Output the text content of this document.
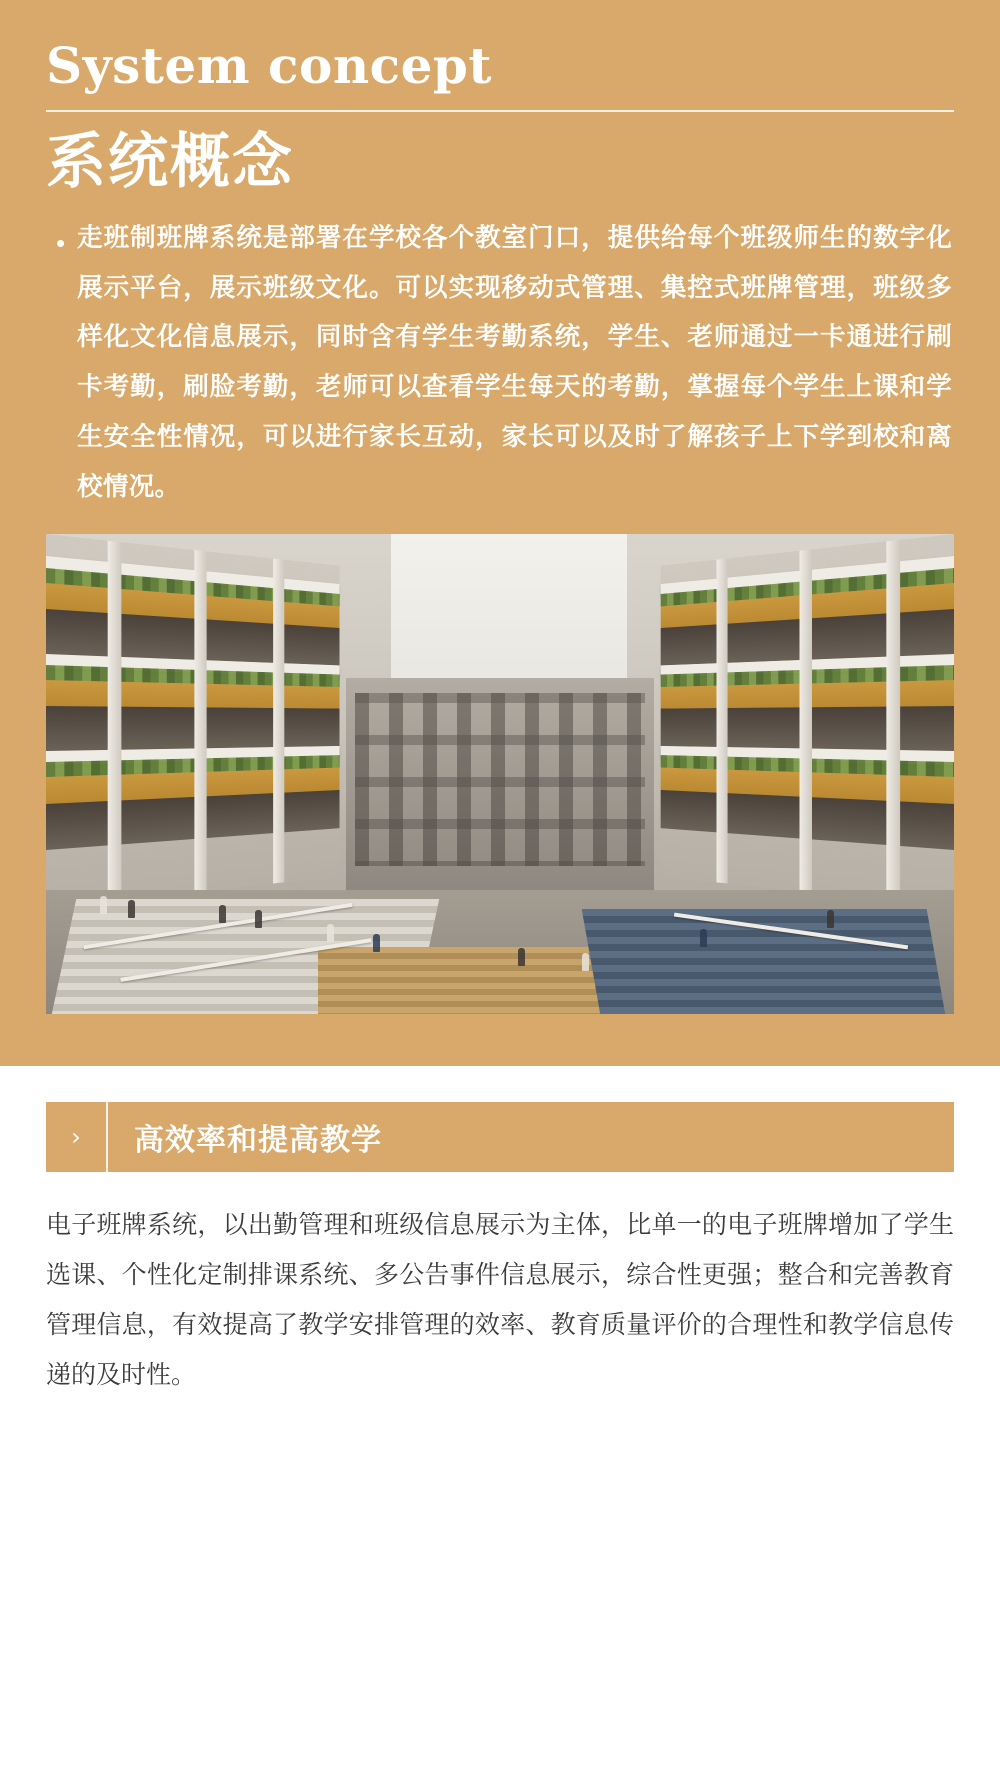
System concept
系统概念
• 走班制班牌系统是部署在学校各个教室门口，提供给每个班级师生的数字化展示平台，展示班级文化。可以实现移动式管理、集控式班牌管理，班级多样化文化信息展示，同时含有学生考勤系统，学生、老师通过一卡通进行刷卡考勤，刷脸考勤，老师可以查看学生每天的考勤，掌握每个学生上课和学生安全性情况，可以进行家长互动，家长可以及时了解孩子上下学到校和离校情况。

›	高效率和提高教学

电子班牌系统，以出勤管理和班级信息展示为主体，比单一的电子班牌增加了学生选课、个性化定制排课系统、多公告事件信息展示，综合性更强；整合和完善教育管理信息，有效提高了教学安排管理的效率、教育质量评价的合理性和教学信息传递的及时性。
